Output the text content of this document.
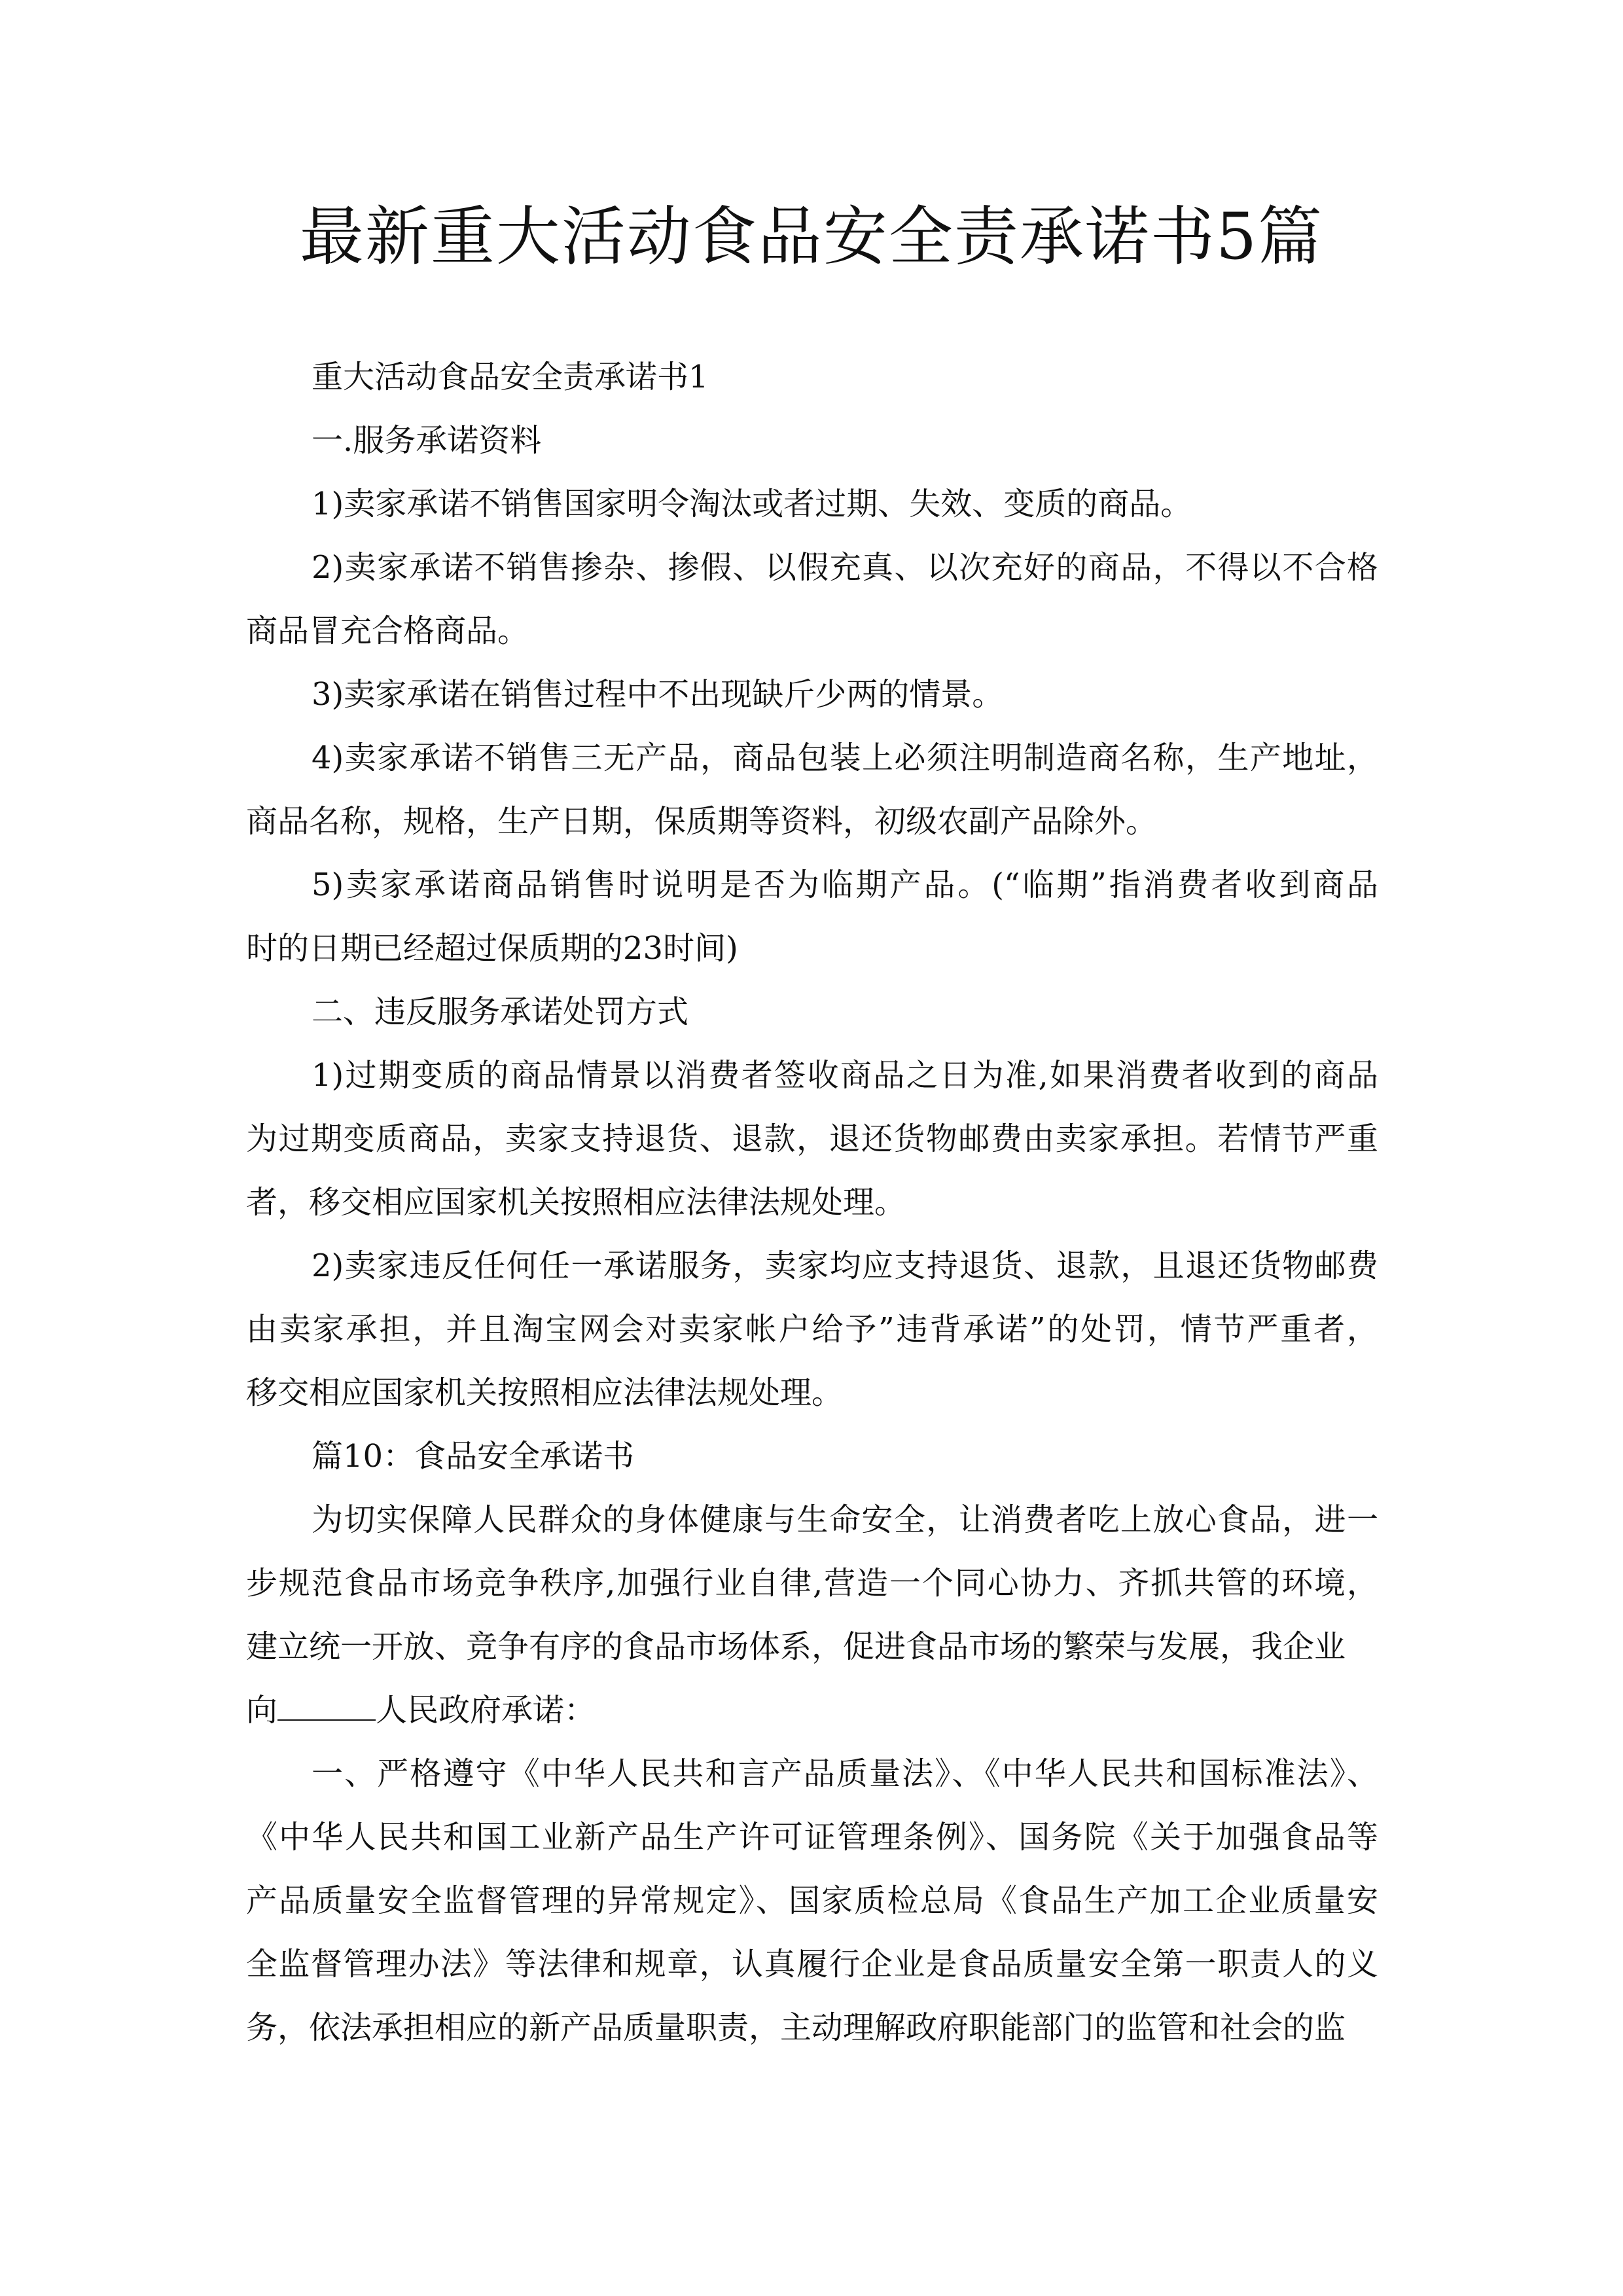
最新重大活动食品安全责承诺书5篇
重大活动食品安全责承诺书1
一.服务承诺资料
1)卖家承诺不销售国家明令淘汰或者过期、失效、变质的商品。
2)卖家承诺不销售掺杂、掺假、以假充真、以次充好的商品，不得以不合格
商品冒充合格商品。
3)卖家承诺在销售过程中不出现缺斤少两的情景。
4)卖家承诺不销售三无产品，商品包装上必须注明制造商名称，生产地址，
商品名称，规格，生产日期，保质期等资料，初级农副产品除外。
5)卖家承诺商品销售时说明是否为临期产品。(“临期”指消费者收到商品
时的日期已经超过保质期的23时间)
二、违反服务承诺处罚方式
1)过期变质的商品情景以消费者签收商品之日为准,如果消费者收到的商品
为过期变质商品，卖家支持退货、退款，退还货物邮费由卖家承担。若情节严重
者，移交相应国家机关按照相应法律法规处理。
2)卖家违反任何任一承诺服务，卖家均应支持退货、退款，且退还货物邮费
由卖家承担，并且淘宝网会对卖家帐户给予”违背承诺”的处罚，情节严重者，
移交相应国家机关按照相应法律法规处理。
篇10：食品安全承诺书
为切实保障人民群众的身体健康与生命安全，让消费者吃上放心食品，进一
步规范食品市场竞争秩序,加强行业自律,营造一个同心协力、齐抓共管的环境，
建立统一开放、竞争有序的食品市场体系，促进食品市场的繁荣与发展，我企业
向	人民政府承诺：
一、严格遵守《中华人民共和言产品质量法》、《中华人民共和国标准法》、
《中华人民共和国工业新产品生产许可证管理条例》、国务院《关于加强食品等
产品质量安全监督管理的异常规定》、国家质检总局《食品生产加工企业质量安
全监督管理办法》等法律和规章，认真履行企业是食品质量安全第一职责人的义
务，依法承担相应的新产品质量职责，主动理解政府职能部门的监管和社会的监
